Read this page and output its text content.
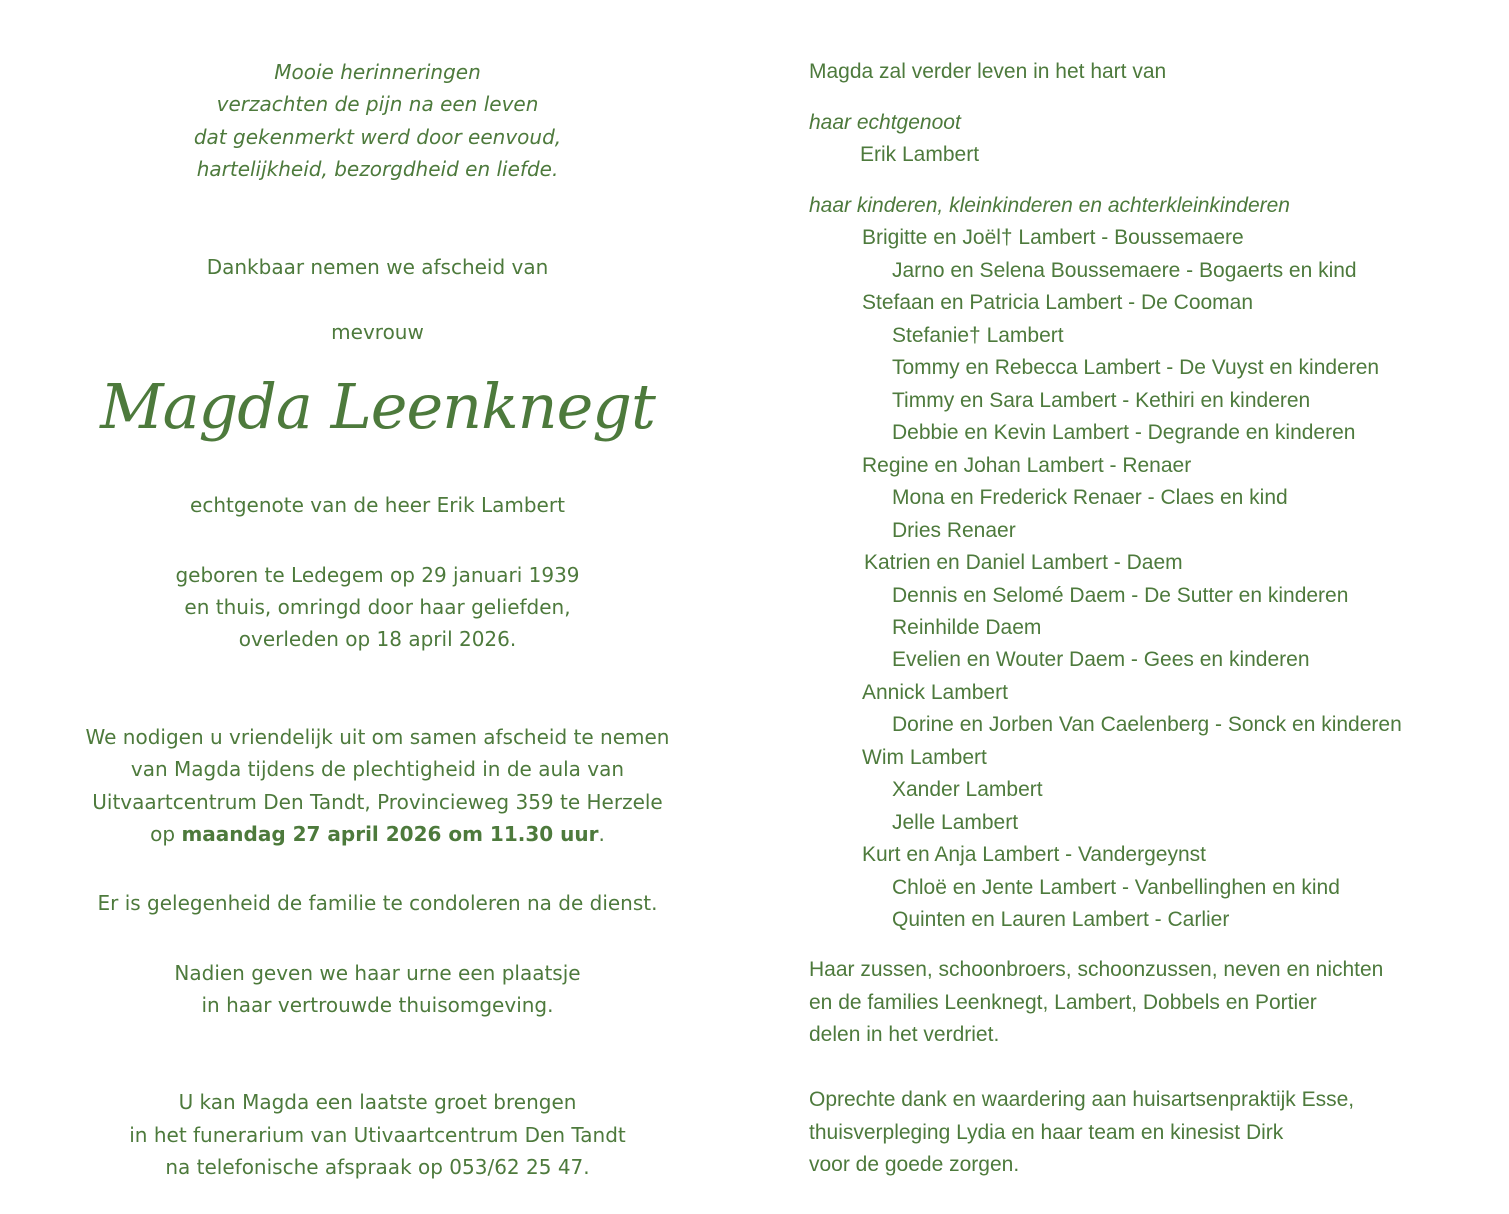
Mooie herinneringen
verzachten de pijn na een leven
dat gekenmerkt werd door eenvoud,
hartelijkheid, bezorgdheid en liefde.
Dankbaar nemen we afscheid van
mevrouw
Magda Leenknegt
echtgenote van de heer Erik Lambert
geboren te Ledegem op 29 januari 1939
en thuis, omringd door haar geliefden,
overleden op 18 april 2026.
We nodigen u vriendelijk uit om samen afscheid te nemen
van Magda tijdens de plechtigheid in de aula van
Uitvaartcentrum Den Tandt, Provincieweg 359 te Herzele
op maandag 27 april 2026 om 11.30 uur.
Er is gelegenheid de familie te condoleren na de dienst.
Nadien geven we haar urne een plaatsje
in haar vertrouwde thuisomgeving.
U kan Magda een laatste groet brengen
in het funerarium van Utivaartcentrum Den Tandt
na telefonische afspraak op 053/62 25 47.
Magda zal verder leven in het hart van
haar echtgenoot
Erik Lambert
haar kinderen, kleinkinderen en achterkleinkinderen
Brigitte en Joël† Lambert - Boussemaere
Jarno en Selena Boussemaere - Bogaerts en kind
Stefaan en Patricia Lambert - De Cooman
Stefanie† Lambert
Tommy en Rebecca Lambert - De Vuyst en kinderen
Timmy en Sara Lambert - Kethiri en kinderen
Debbie en Kevin Lambert - Degrande en kinderen
Regine en Johan Lambert - Renaer
Mona en Frederick Renaer - Claes en kind
Dries Renaer
Katrien en Daniel Lambert - Daem
Dennis en Selomé Daem - De Sutter en kinderen
Reinhilde Daem
Evelien en Wouter Daem - Gees en kinderen
Annick Lambert
Dorine en Jorben Van Caelenberg - Sonck en kinderen
Wim Lambert
Xander Lambert
Jelle Lambert
Kurt en Anja Lambert - Vandergeynst
Chloë en Jente Lambert - Vanbellinghen en kind
Quinten en Lauren Lambert - Carlier
Haar zussen, schoonbroers, schoonzussen, neven en nichten
en de families Leenknegt, Lambert, Dobbels en Portier
delen in het verdriet.
Oprechte dank en waardering aan huisartsenpraktijk Esse,
thuisverpleging Lydia en haar team en kinesist Dirk
voor de goede zorgen.
